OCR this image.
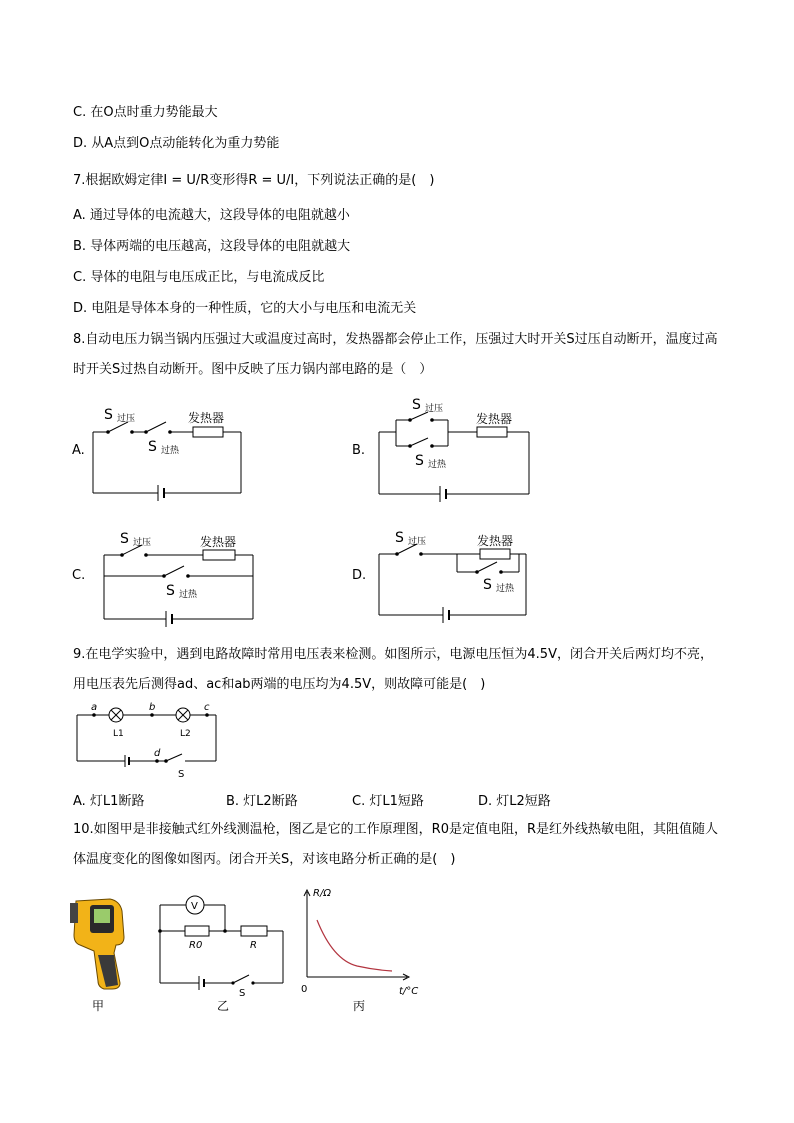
C. 在O点时重力势能最大
D. 从A点到O点动能转化为重力势能
7.根据欧姆定律I = U/R变形得R = U/I，下列说法正确的是(　)
A. 通过导体的电流越大，这段导体的电阻就越小
B. 导体两端的电压越高，这段导体的电阻就越大
C. 导体的电阻与电压成正比，与电流成反比
D. 电阻是导体本身的一种性质，它的大小与电压和电流无关
8.自动电压力锅当锅内压强过大或温度过高时，发热器都会停止工作，压强过大时开关S过压自动断开，温度过高时开关S过热自动断开。图中反映了压力锅内部电路的是（　）
A.
S 过压
S 过热
发热器
B.
S 过压
S 过热
发热器
C.
S 过压
S 过热
发热器
D.
S 过压
S 过热
发热器
9.在电学实验中，遇到电路故障时常用电压表来检测。如图所示，电源电压恒为4.5V，闭合开关后两灯均不亮，用电压表先后测得ad、ac和ab两端的电压均为4.5V，则故障可能是(　)
a	b	c
d
L1	L2
S
A. 灯L1断路	B. 灯L2断路	C. 灯L1短路	D. 灯L2短路
10.如图甲是非接触式红外线测温枪，图乙是它的工作原理图，R0是定值电阻，R是红外线热敏电阻，其阻值随人体温度变化的图像如图丙。闭合开关S，对该电路分析正确的是(　)
甲
V
R0	R
S
乙
R/Ω
0	t/°C
丙
